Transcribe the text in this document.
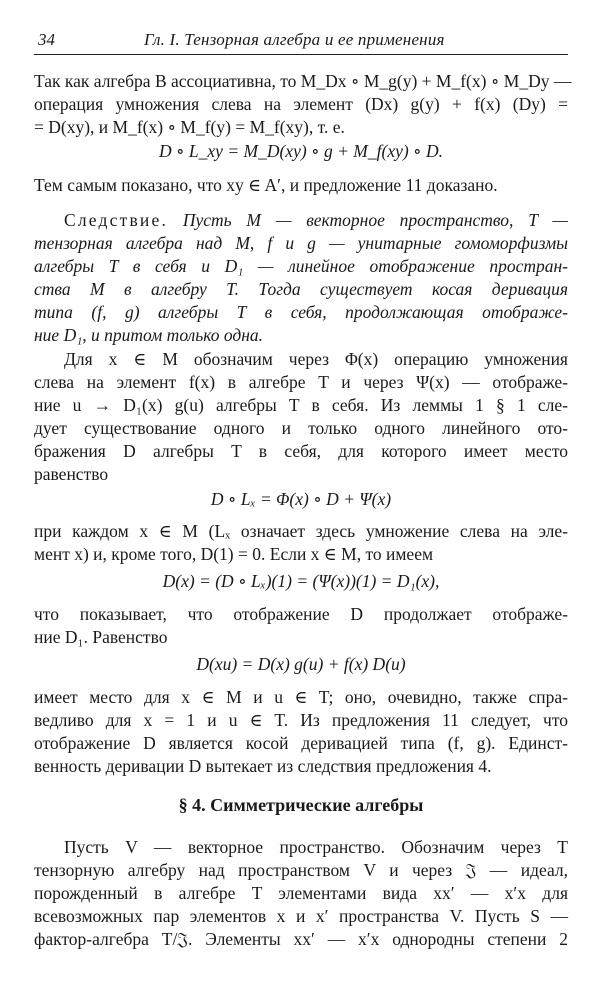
34	Гл. I. Тензорная алгебра и ее применения
Так как алгебра B ассоциативна, то M_Dx ∘ M_g(y) + M_f(x) ∘ M_Dy —
операция умножения слева на элемент (Dx) g(y) + f(x) (Dy) =
= D(xy), и M_f(x) ∘ M_f(y) = M_f(xy), т. е.
D ∘ L_xy = M_D(xy) ∘ g + M_f(xy) ∘ D.
Тем самым показано, что xy ∈ A′, и предложение 11 доказано.
Следствие. Пусть M — векторное пространство, T —
тензорная алгебра над M, f и g — унитарные гомоморфизмы
алгебры T в себя и D₁ — линейное отображение простран-
ства M в алгебру T. Тогда существует косая деривация
типа (f, g) алгебры T в себя, продолжающая отображе-
ние D₁, и притом только одна.
Для x ∈ M обозначим через Φ(x) операцию умножения
слева на элемент f(x) в алгебре T и через Ψ(x) — отображе-
ние u → D₁(x) g(u) алгебры T в себя. Из леммы 1 § 1 сле-
дует существование одного и только одного линейного ото-
бражения D алгебры T в себя, для которого имеет место
равенство
D ∘ Lₓ = Φ(x) ∘ D + Ψ(x)
при каждом x ∈ M (Lₓ означает здесь умножение слева на эле-
мент x) и, кроме того, D(1) = 0. Если x ∈ M, то имеем
D(x) = (D ∘ Lₓ)(1) = (Ψ(x))(1) = D₁(x),
что показывает, что отображение D продолжает отображе-
ние D₁. Равенство
D(xu) = D(x) g(u) + f(x) D(u)
имеет место для x ∈ M и u ∈ T; оно, очевидно, также спра-
ведливо для x = 1 и u ∈ T. Из предложения 11 следует, что
отображение D является косой деривацией типа (f, g). Единст-
венность деривации D вытекает из следствия предложения 4.
§ 4. Симметрические алгебры
Пусть V — векторное пространство. Обозначим через T
тензорную алгебру над пространством V и через 𝔍 — идеал,
порожденный в алгебре T элементами вида xx′ — x′x для
всевозможных пар элементов x и x′ пространства V. Пусть S —
фактор-алгебра T/𝔍. Элементы xx′ — x′x однородны степени 2
